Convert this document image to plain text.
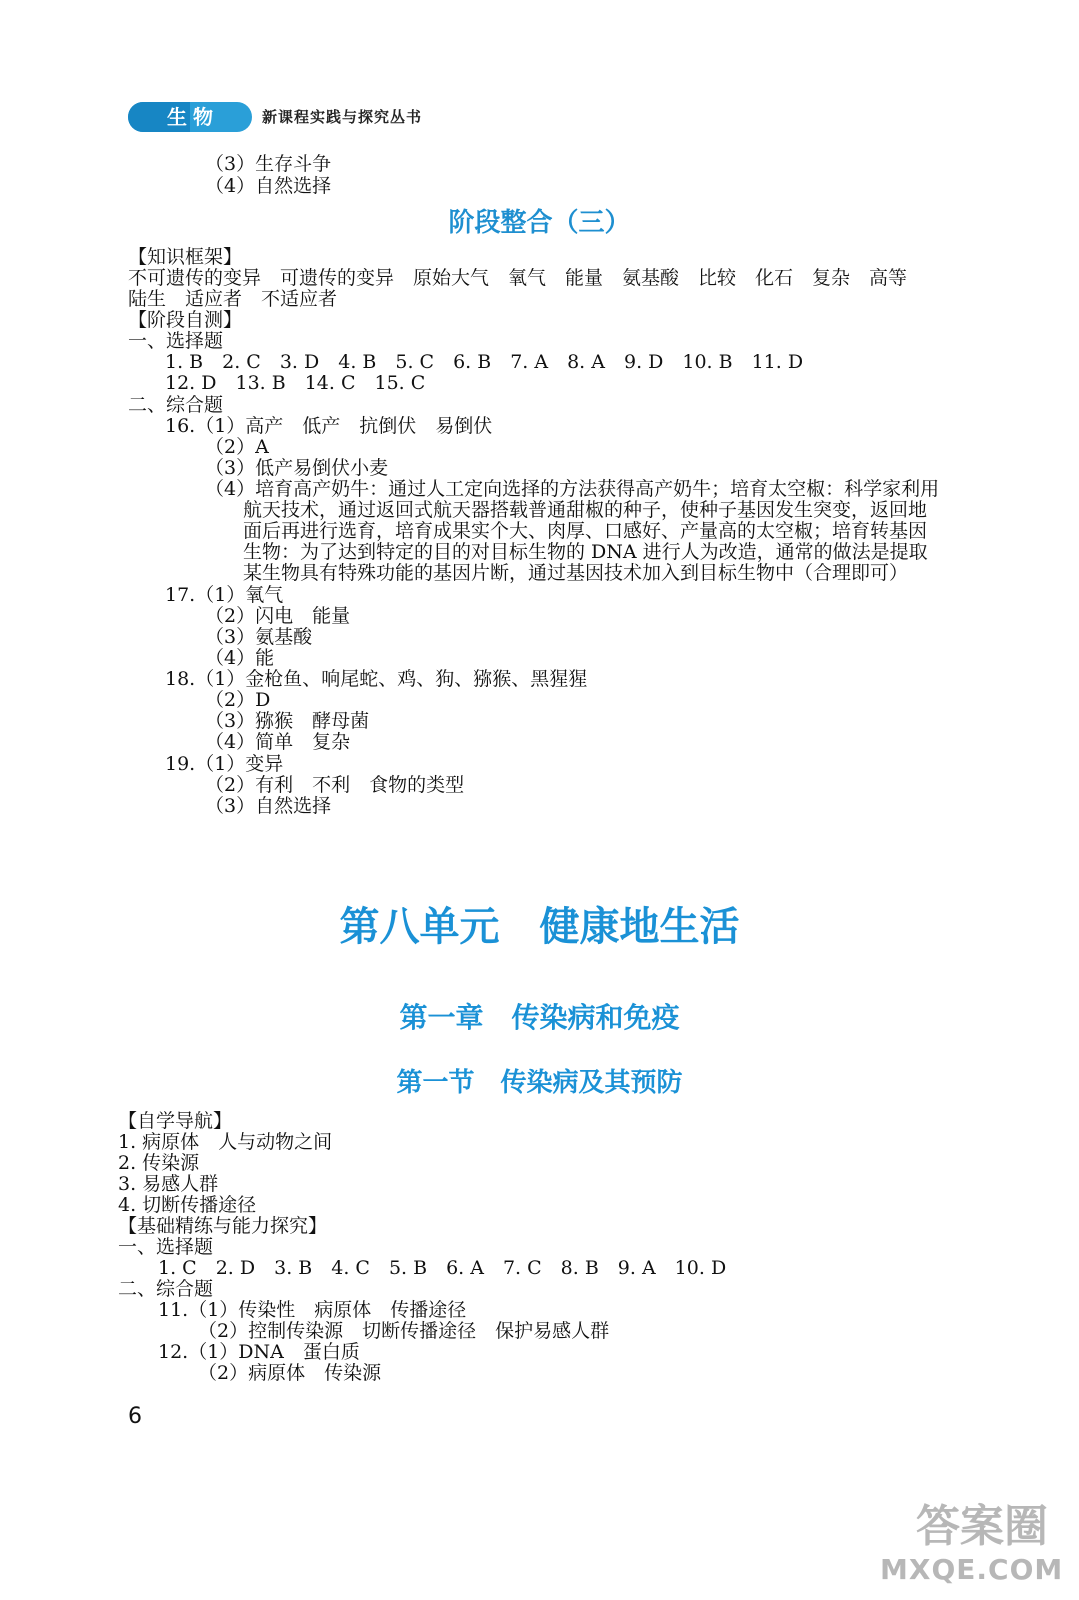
生物	新课程实践与探究丛书
（3）生存斗争
（4）自然选择
阶段整合（三）
【知识框架】
不可遗传的变异　可遗传的变异　原始大气　氧气　能量　氨基酸　比较　化石　复杂　高等
陆生　适应者　不适应者
【阶段自测】
一、选择题
1. B　2. C　3. D　4. B　5. C　6. B　7. A　8. A　9. D　10. B　11. D
12. D　13. B　14. C　15. C
二、综合题
16.（1）高产　低产　抗倒伏　易倒伏
（2）A
（3）低产易倒伏小麦
（4）培育高产奶牛：通过人工定向选择的方法获得高产奶牛；培育太空椒：科学家利用
航天技术，通过返回式航天器搭载普通甜椒的种子，使种子基因发生突变，返回地
面后再进行选育，培育成果实个大、肉厚、口感好、产量高的太空椒；培育转基因
生物：为了达到特定的目的对目标生物的 DNA 进行人为改造，通常的做法是提取
某生物具有特殊功能的基因片断，通过基因技术加入到目标生物中（合理即可）
17.（1）氧气
（2）闪电　能量
（3）氨基酸
（4）能
18.（1）金枪鱼、响尾蛇、鸡、狗、猕猴、黑猩猩
（2）D
（3）猕猴　酵母菌
（4）简单　复杂
19.（1）变异
（2）有利　不利　食物的类型
（3）自然选择
第八单元　健康地生活
第一章　传染病和免疫
第一节　传染病及其预防
【自学导航】
1. 病原体　人与动物之间
2. 传染源
3. 易感人群
4. 切断传播途径
【基础精练与能力探究】
一、选择题
1. C　2. D　3. B　4. C　5. B　6. A　7. C　8. B　9. A　10. D
二、综合题
11.（1）传染性　病原体　传播途径
（2）控制传染源　切断传播途径　保护易感人群
12.（1）DNA　蛋白质
（2）病原体　传染源
6
答案圈
MXQE.COM
